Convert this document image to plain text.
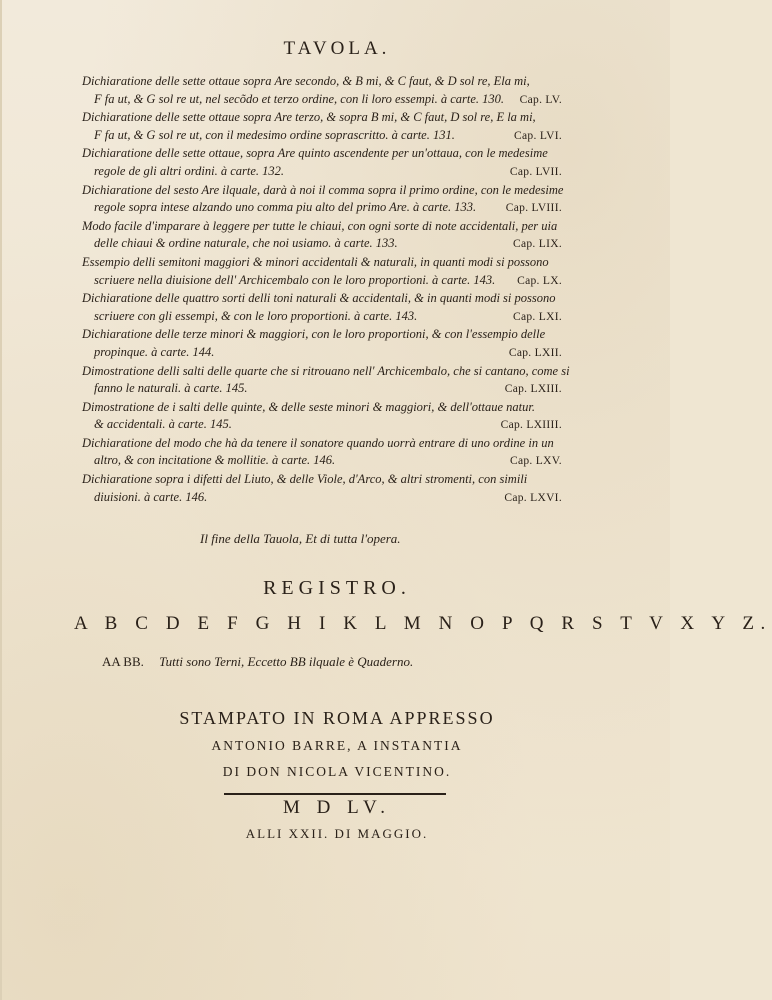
TAVOLA.
Dichiaratione delle sette ottaue sopra Are secondo, & B mi, & C faut, & D sol re, Ela mi,
F fa ut, & G sol re ut, nel secõdo et terzo ordine, con li loro essempi. à carte. 130. Cap. LV.
Dichiaratione delle sette ottaue sopra Are terzo, & sopra B mi, & C faut, D sol re, E la mi,
F fa ut, & G sol re ut, con il medesimo ordine soprascritto. à carte. 131.	Cap. LVI.
Dichiaratione delle sette ottaue, sopra Are quinto ascendente per un'ottaua, con le medesime
regole de gli altri ordini. à carte. 132.	Cap. LVII.
Dichiaratione del sesto Are ilquale, darà à noi il comma sopra il primo ordine, con le medesime
regole sopra intese alzando uno comma piu alto del primo Are. à carte. 133.	Cap. LVIII.
Modo facile d'imparare à leggere per tutte le chiaui, con ogni sorte di note accidentali, per uia
delle chiaui & ordine naturale, che noi usiamo. à carte. 133.	Cap. LIX.
Essempio delli semitoni maggiori & minori accidentali & naturali, in quanti modi si possono
scriuere nella diuisione dell' Archicembalo con le loro proportioni. à carte. 143. Cap. LX.
Dichiaratione delle quattro sorti delli toni naturali & accidentali, & in quanti modi si possono
scriuere con gli essempi, & con le loro proportioni. à carte. 143.	Cap. LXI.
Dichiaratione delle terze minori & maggiori, con le loro proportioni, & con l'essempio delle
propinque. à carte. 144.	Cap. LXII.
Dimostratione delli salti delle quarte che si ritrouano nell' Archicembalo, che si cantano, come si
fanno le naturali. à carte. 145.	Cap. LXIII.
Dimostratione de i salti delle quinte, & delle seste minori & maggiori, & dell'ottaue natur.
& accidentali. à carte. 145.	Cap. LXIIII.
Dichiaratione del modo che hà da tenere il sonatore quando uorrà entrare di uno ordine in un
altro, & con incitatione & mollitie. à carte. 146.	Cap. LXV.
Dichiaratione sopra i difetti del Liuto, & delle Viole, d'Arco, & altri stromenti, con simili
diuisioni. à carte. 146.	Cap. LXVI.
Il fine della Tauola, Et di tutta l'opera.
REGISTRO.
A B C D E F G H I K L M N O P Q R S T V X Y Z.
AA BB. Tutti sono Terni, Eccetto BB ilquale è Quaderno.
STAMPATO IN ROMA APPRESSO
ANTONIO BARRE, A INSTANTIA
DI DON NICOLA VICENTINO.
M D LV.
ALLI XXII. DI MAGGIO.
